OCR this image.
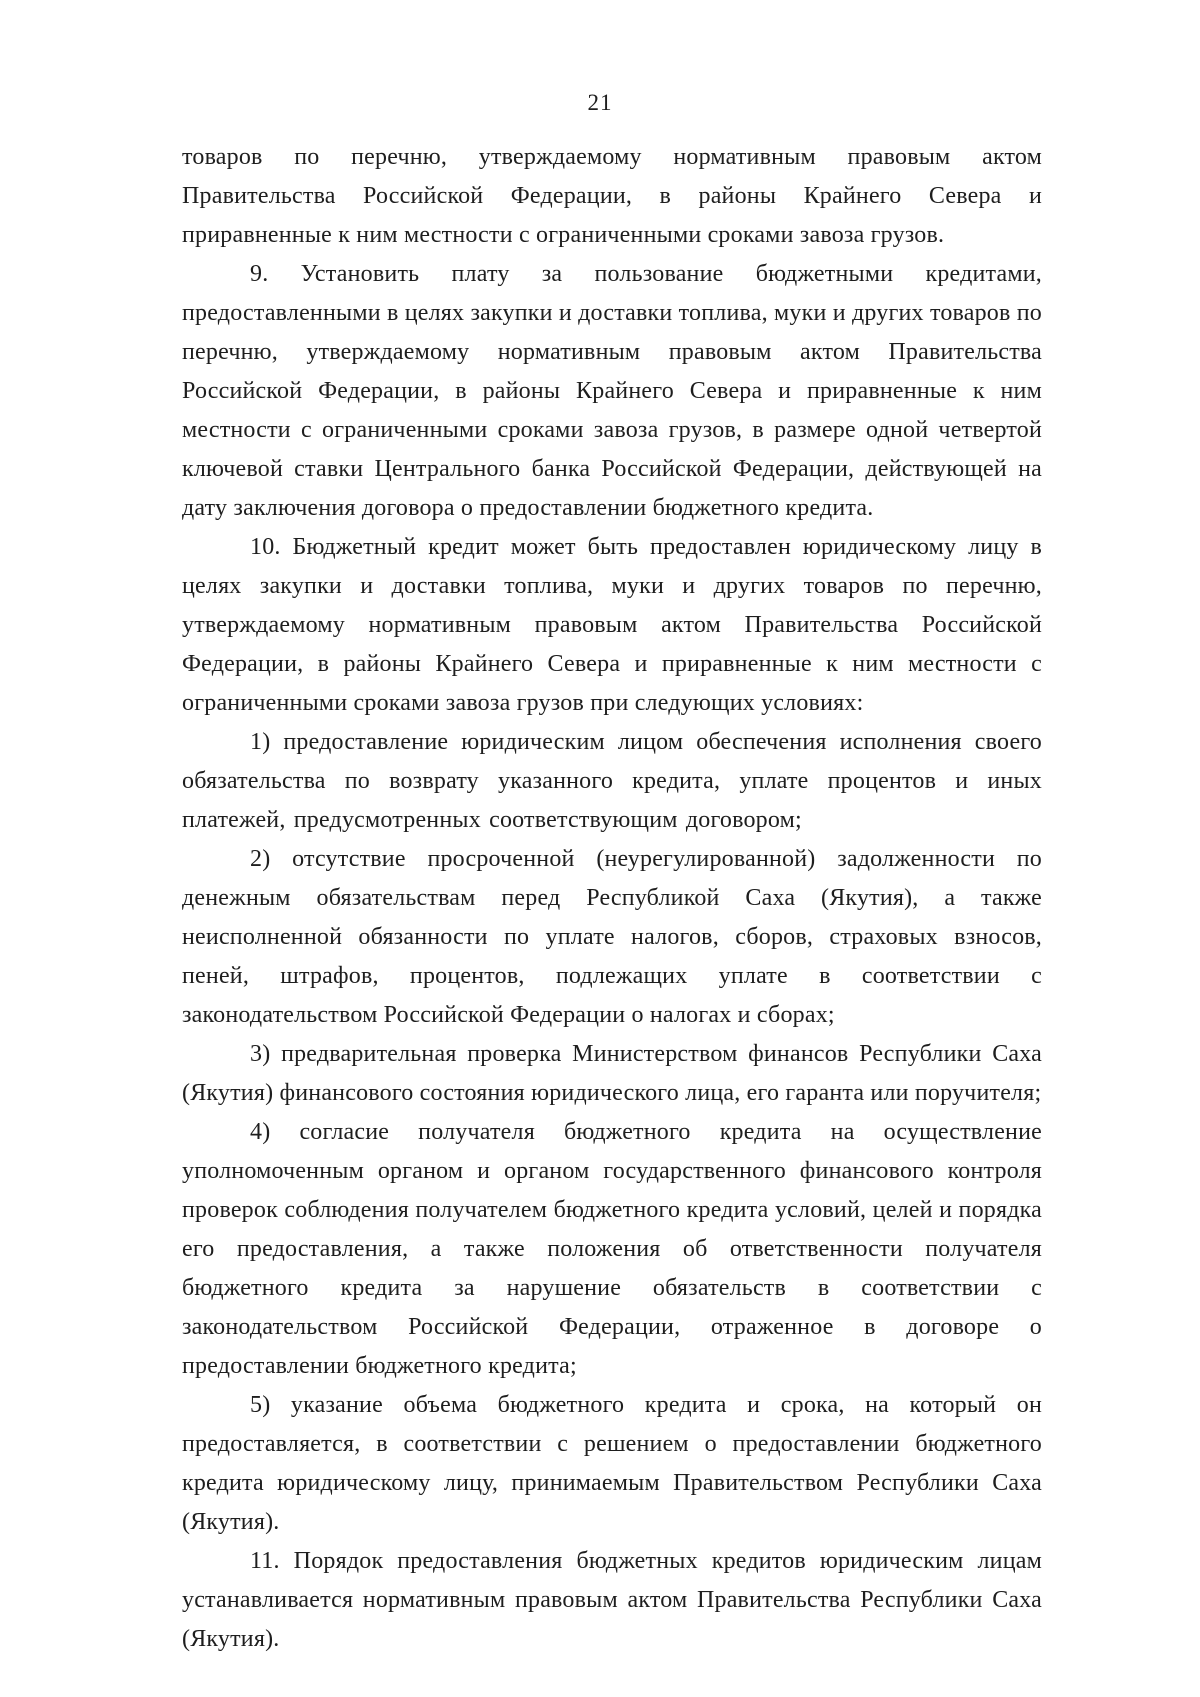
21

товаров по перечню, утверждаемому нормативным правовым актом Правительства Российской Федерации, в районы Крайнего Севера и приравненные к ним местности с ограниченными сроками завоза грузов.

9. Установить плату за пользование бюджетными кредитами, предоставленными в целях закупки и доставки топлива, муки и других товаров по перечню, утверждаемому нормативным правовым актом Правительства Российской Федерации, в районы Крайнего Севера и приравненные к ним местности с ограниченными сроками завоза грузов, в размере одной четвертой ключевой ставки Центрального банка Российской Федерации, действующей на дату заключения договора о предоставлении бюджетного кредита.

10. Бюджетный кредит может быть предоставлен юридическому лицу в целях закупки и доставки топлива, муки и других товаров по перечню, утверждаемому нормативным правовым актом Правительства Российской Федерации, в районы Крайнего Севера и приравненные к ним местности с ограниченными сроками завоза грузов при следующих условиях:

1) предоставление юридическим лицом обеспечения исполнения своего обязательства по возврату указанного кредита, уплате процентов и иных платежей, предусмотренных соответствующим договором;

2) отсутствие просроченной (неурегулированной) задолженности по денежным обязательствам перед Республикой Саха (Якутия), а также неисполненной обязанности по уплате налогов, сборов, страховых взносов, пеней, штрафов, процентов, подлежащих уплате в соответствии с законодательством Российской Федерации о налогах и сборах;

3) предварительная проверка Министерством финансов Республики Саха (Якутия) финансового состояния юридического лица, его гаранта или поручителя;

4) согласие получателя бюджетного кредита на осуществление уполномоченным органом и органом государственного финансового контроля проверок соблюдения получателем бюджетного кредита условий, целей и порядка его предоставления, а также положения об ответственности получателя бюджетного кредита за нарушение обязательств в соответствии с законодательством Российской Федерации, отраженное в договоре о предоставлении бюджетного кредита;

5) указание объема бюджетного кредита и срока, на который он предоставляется, в соответствии с решением о предоставлении бюджетного кредита юридическому лицу, принимаемым Правительством Республики Саха (Якутия).

11. Порядок предоставления бюджетных кредитов юридическим лицам устанавливается нормативным правовым актом Правительства Республики Саха (Якутия).
